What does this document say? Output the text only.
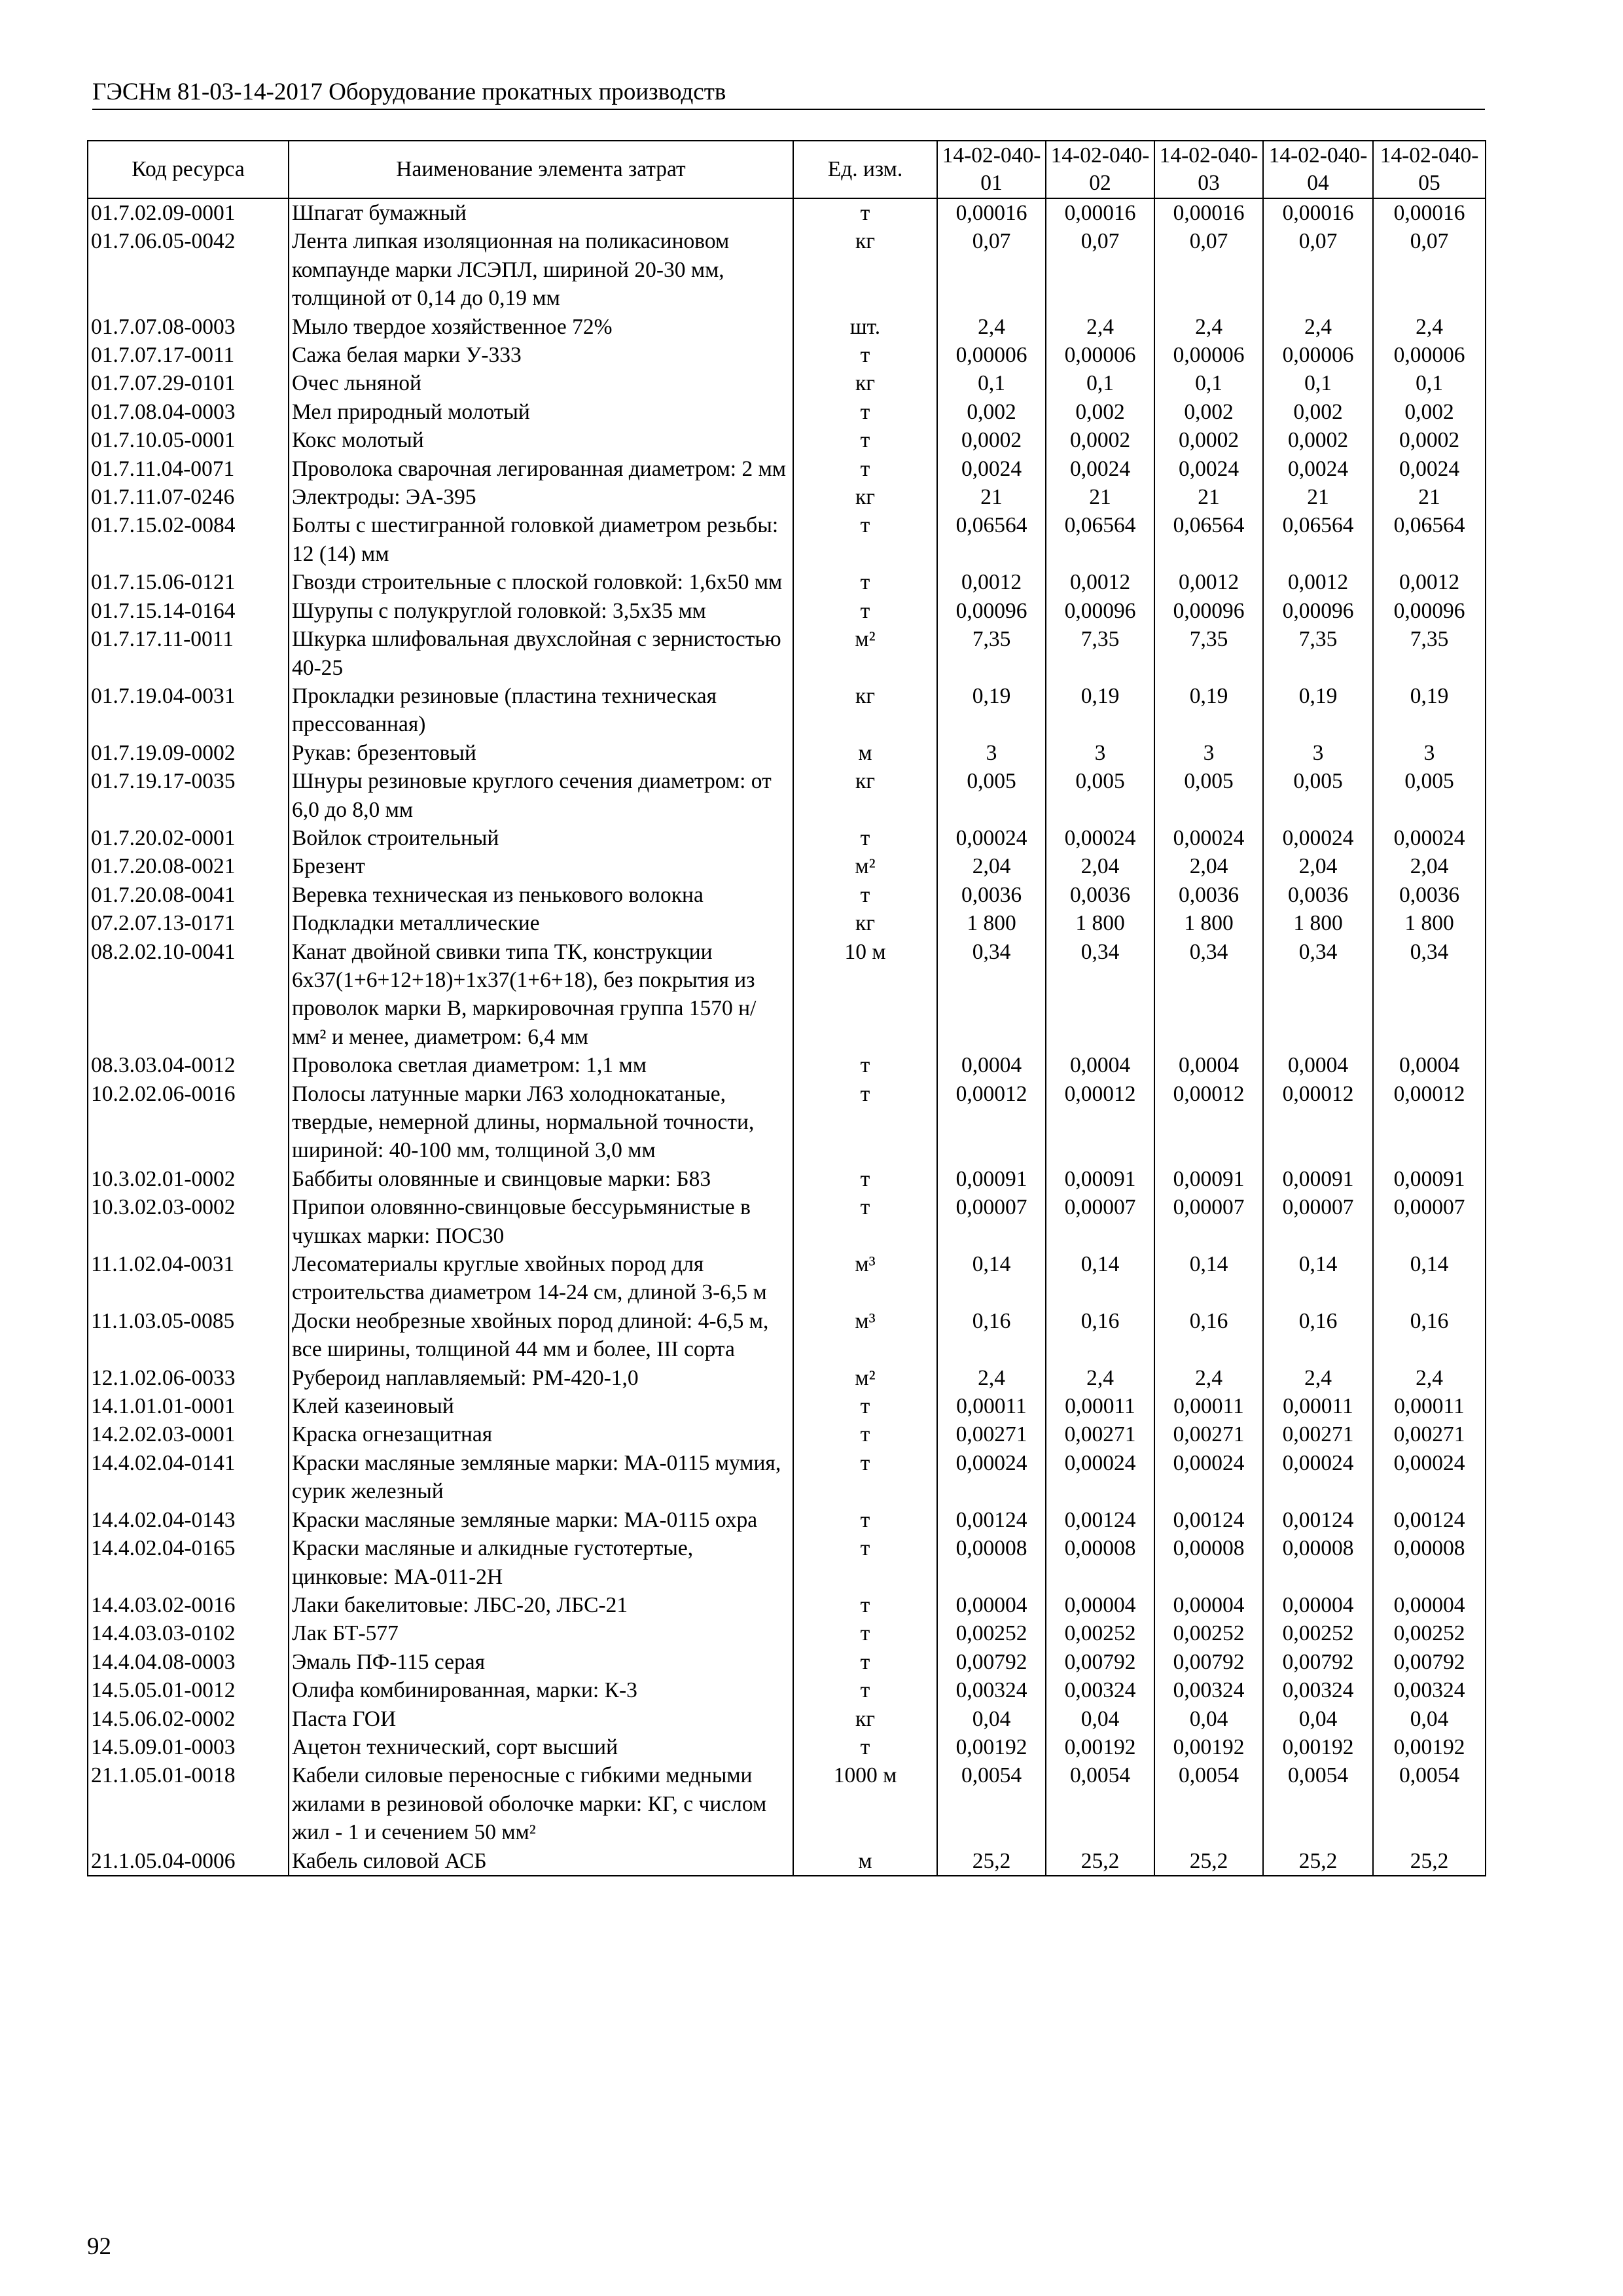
ГЭСНм 81-03-14-2017 Оборудование прокатных производств
Код ресурса	Наименование элемента затрат	Ед. изм.	14-02-040-01	14-02-040-02	14-02-040-03	14-02-040-04	14-02-040-05
01.7.02.09-0001	Шпагат бумажный	т	0,00016	0,00016	0,00016	0,00016	0,00016
01.7.06.05-0042	Лента липкая изоляционная на поликасиновом компаунде марки ЛСЭПЛ, шириной 20-30 мм, толщиной от 0,14 до 0,19 мм	кг	0,07	0,07	0,07	0,07	0,07
01.7.07.08-0003	Мыло твердое хозяйственное 72%	шт.	2,4	2,4	2,4	2,4	2,4
01.7.07.17-0011	Сажа белая марки У-333	т	0,00006	0,00006	0,00006	0,00006	0,00006
01.7.07.29-0101	Очес льняной	кг	0,1	0,1	0,1	0,1	0,1
01.7.08.04-0003	Мел природный молотый	т	0,002	0,002	0,002	0,002	0,002
01.7.10.05-0001	Кокс молотый	т	0,0002	0,0002	0,0002	0,0002	0,0002
01.7.11.04-0071	Проволока сварочная легированная диаметром: 2 мм	т	0,0024	0,0024	0,0024	0,0024	0,0024
01.7.11.07-0246	Электроды: ЭА-395	кг	21	21	21	21	21
01.7.15.02-0084	Болты с шестигранной головкой диаметром резьбы: 12 (14) мм	т	0,06564	0,06564	0,06564	0,06564	0,06564
01.7.15.06-0121	Гвозди строительные с плоской головкой: 1,6х50 мм	т	0,0012	0,0012	0,0012	0,0012	0,0012
01.7.15.14-0164	Шурупы с полукруглой головкой: 3,5х35 мм	т	0,00096	0,00096	0,00096	0,00096	0,00096
01.7.17.11-0011	Шкурка шлифовальная двухслойная с зернистостью 40-25	м²	7,35	7,35	7,35	7,35	7,35
01.7.19.04-0031	Прокладки резиновые (пластина техническая прессованная)	кг	0,19	0,19	0,19	0,19	0,19
01.7.19.09-0002	Рукав: брезентовый	м	3	3	3	3	3
01.7.19.17-0035	Шнуры резиновые круглого сечения диаметром: от 6,0 до 8,0 мм	кг	0,005	0,005	0,005	0,005	0,005
01.7.20.02-0001	Войлок строительный	т	0,00024	0,00024	0,00024	0,00024	0,00024
01.7.20.08-0021	Брезент	м²	2,04	2,04	2,04	2,04	2,04
01.7.20.08-0041	Веревка техническая из пенькового волокна	т	0,0036	0,0036	0,0036	0,0036	0,0036
07.2.07.13-0171	Подкладки металлические	кг	1 800	1 800	1 800	1 800	1 800
08.2.02.10-0041	Канат двойной свивки типа ТК, конструкции 6х37(1+6+12+18)+1х37(1+6+18), без покрытия из проволок марки В, маркировочная группа 1570 н/мм² и менее, диаметром: 6,4 мм	10 м	0,34	0,34	0,34	0,34	0,34
08.3.03.04-0012	Проволока светлая диаметром: 1,1 мм	т	0,0004	0,0004	0,0004	0,0004	0,0004
10.2.02.06-0016	Полосы латунные марки Л63 холоднокатаные, твердые, немерной длины, нормальной точности, шириной: 40-100 мм, толщиной 3,0 мм	т	0,00012	0,00012	0,00012	0,00012	0,00012
10.3.02.01-0002	Баббиты оловянные и свинцовые марки: Б83	т	0,00091	0,00091	0,00091	0,00091	0,00091
10.3.02.03-0002	Припои оловянно-свинцовые бессурьмянистые в чушках марки: ПОС30	т	0,00007	0,00007	0,00007	0,00007	0,00007
11.1.02.04-0031	Лесоматериалы круглые хвойных пород для строительства диаметром 14-24 см, длиной 3-6,5 м	м³	0,14	0,14	0,14	0,14	0,14
11.1.03.05-0085	Доски необрезные хвойных пород длиной: 4-6,5 м, все ширины, толщиной 44 мм и более, III сорта	м³	0,16	0,16	0,16	0,16	0,16
12.1.02.06-0033	Рубероид наплавляемый: РМ-420-1,0	м²	2,4	2,4	2,4	2,4	2,4
14.1.01.01-0001	Клей казеиновый	т	0,00011	0,00011	0,00011	0,00011	0,00011
14.2.02.03-0001	Краска огнезащитная	т	0,00271	0,00271	0,00271	0,00271	0,00271
14.4.02.04-0141	Краски масляные земляные марки: МА-0115 мумия, сурик железный	т	0,00024	0,00024	0,00024	0,00024	0,00024
14.4.02.04-0143	Краски масляные земляные марки: МА-0115 охра	т	0,00124	0,00124	0,00124	0,00124	0,00124
14.4.02.04-0165	Краски масляные и алкидные густотертые, цинковые: МА-011-2Н	т	0,00008	0,00008	0,00008	0,00008	0,00008
14.4.03.02-0016	Лаки бакелитовые: ЛБС-20, ЛБС-21	т	0,00004	0,00004	0,00004	0,00004	0,00004
14.4.03.03-0102	Лак БТ-577	т	0,00252	0,00252	0,00252	0,00252	0,00252
14.4.04.08-0003	Эмаль ПФ-115 серая	т	0,00792	0,00792	0,00792	0,00792	0,00792
14.5.05.01-0012	Олифа комбинированная, марки: К-3	т	0,00324	0,00324	0,00324	0,00324	0,00324
14.5.06.02-0002	Паста ГОИ	кг	0,04	0,04	0,04	0,04	0,04
14.5.09.01-0003	Ацетон технический, сорт высший	т	0,00192	0,00192	0,00192	0,00192	0,00192
21.1.05.01-0018	Кабели силовые переносные с гибкими медными жилами в резиновой оболочке марки: КГ, с числом жил - 1 и сечением 50 мм²	1000 м	0,0054	0,0054	0,0054	0,0054	0,0054
21.1.05.04-0006	Кабель силовой АСБ	м	25,2	25,2	25,2	25,2	25,2
92
